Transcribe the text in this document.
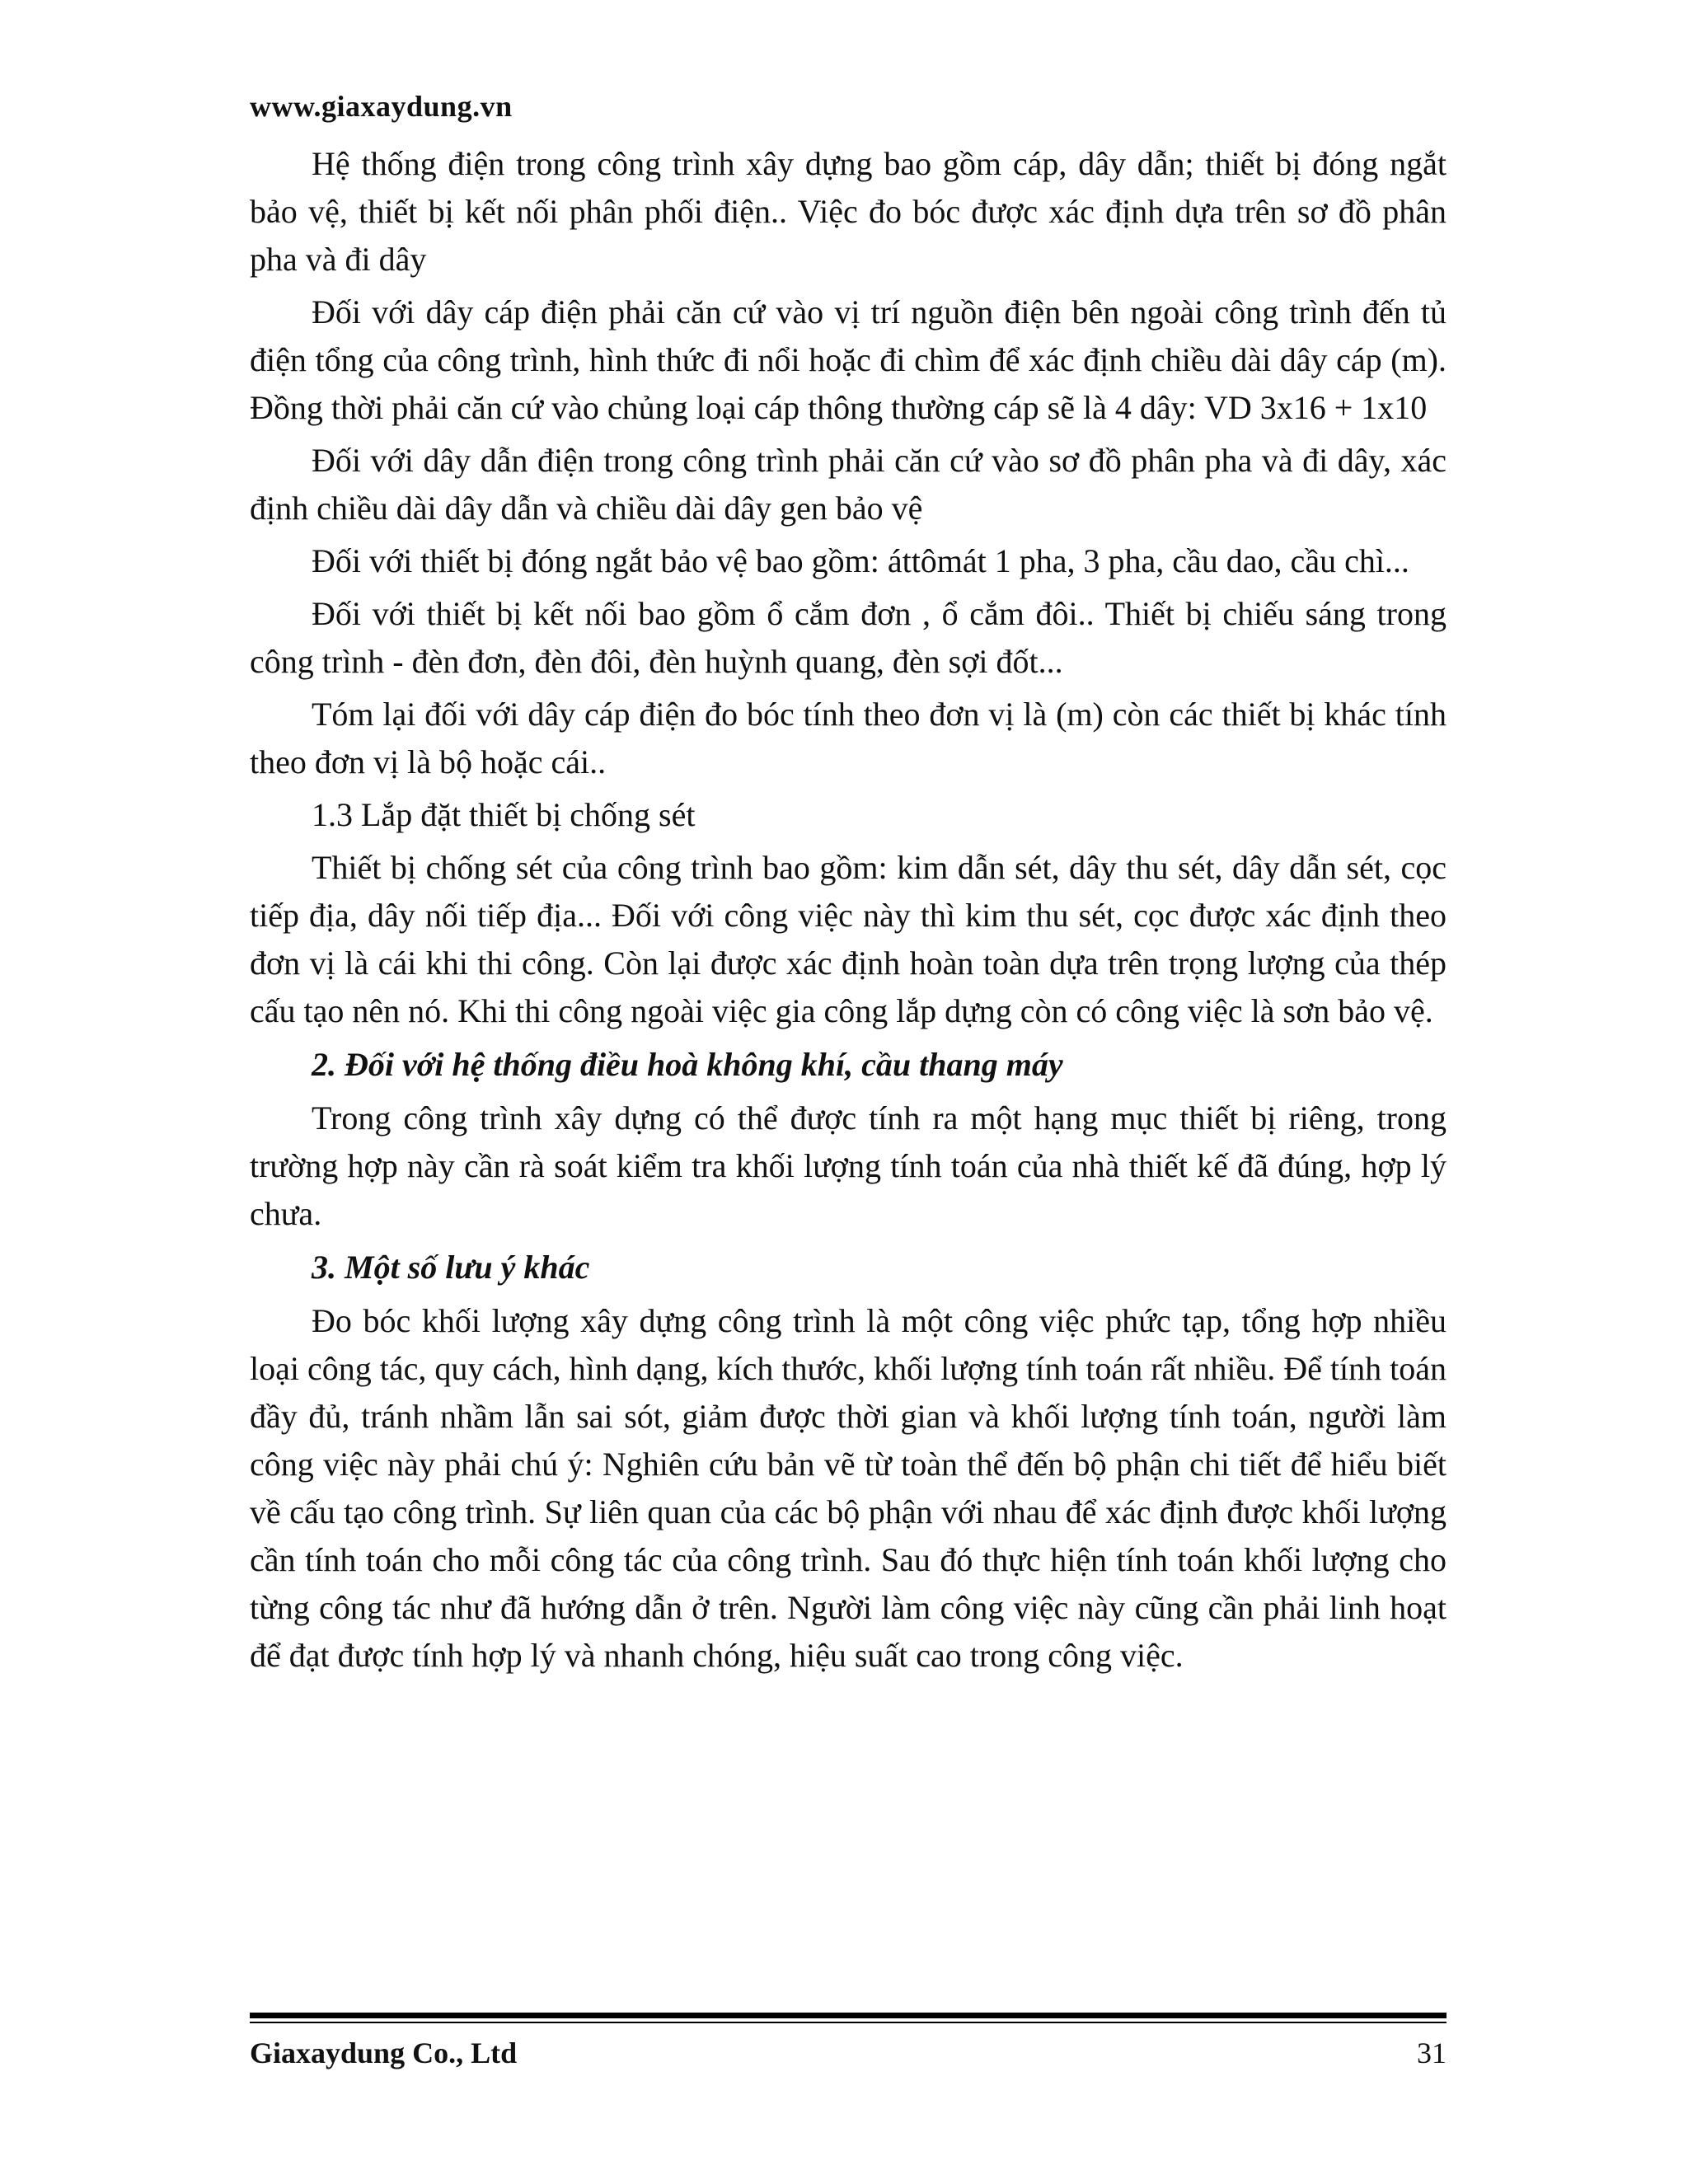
www.giaxaydung.vn

Hệ thống điện trong công trình xây dựng bao gồm cáp, dây dẫn; thiết bị đóng ngắt bảo vệ, thiết bị kết nối phân phối điện.. Việc đo bóc được xác định dựa trên sơ đồ phân pha và đi dây

Đối với dây cáp điện phải căn cứ vào vị trí nguồn điện bên ngoài công trình đến tủ điện tổng của công trình, hình thức đi nổi hoặc đi chìm để xác định chiều dài dây cáp (m). Đồng thời phải căn cứ vào chủng loại cáp thông thường cáp sẽ là 4 dây: VD 3x16 + 1x10

Đối với dây dẫn điện trong công trình phải căn cứ vào sơ đồ phân pha và đi dây, xác định chiều dài dây dẫn và chiều dài dây gen bảo vệ

Đối với thiết bị đóng ngắt bảo vệ bao gồm: áttômát 1 pha, 3 pha, cầu dao, cầu chì...

Đối với thiết bị kết nối bao gồm ổ cắm đơn , ổ cắm đôi.. Thiết bị chiếu sáng trong công trình - đèn đơn, đèn đôi, đèn huỳnh quang, đèn sợi đốt...

Tóm lại đối với dây cáp điện đo bóc tính theo đơn vị là (m) còn các thiết bị khác tính theo đơn vị là bộ hoặc cái..

1.3 Lắp đặt thiết bị chống sét

Thiết bị chống sét của công trình bao gồm: kim dẫn sét, dây thu sét, dây dẫn sét, cọc tiếp địa, dây nối tiếp địa... Đối với công việc này thì kim thu sét, cọc được xác định theo đơn vị là cái khi thi công. Còn lại được xác định hoàn toàn dựa trên trọng lượng của thép cấu tạo nên nó. Khi thi công ngoài việc gia công lắp dựng còn có công việc là sơn bảo vệ.

2. Đối với hệ thống điều hoà không khí, cầu thang máy

Trong công trình xây dựng có thể được tính ra một hạng mục thiết bị riêng, trong trường hợp này cần rà soát kiểm tra khối lượng tính toán của nhà thiết kế đã đúng, hợp lý chưa.

3. Một số lưu ý khác

Đo bóc khối lượng xây dựng công trình là một công việc phức tạp, tổng hợp nhiều loại công tác, quy cách, hình dạng, kích thước, khối lượng tính toán rất nhiều. Để tính toán đầy đủ, tránh nhầm lẫn sai sót, giảm được thời gian và khối lượng tính toán, người làm công việc này phải chú ý: Nghiên cứu bản vẽ từ toàn thể đến bộ phận chi tiết để hiểu biết về cấu tạo công trình. Sự liên quan của các bộ phận với nhau để xác định được khối lượng cần tính toán cho mỗi công tác của công trình. Sau đó thực hiện tính toán khối lượng cho từng công tác như đã hướng dẫn ở trên. Người làm công việc này cũng cần phải linh hoạt để đạt được tính hợp lý và nhanh chóng, hiệu suất cao trong công việc.

Giaxaydung Co., Ltd	31
